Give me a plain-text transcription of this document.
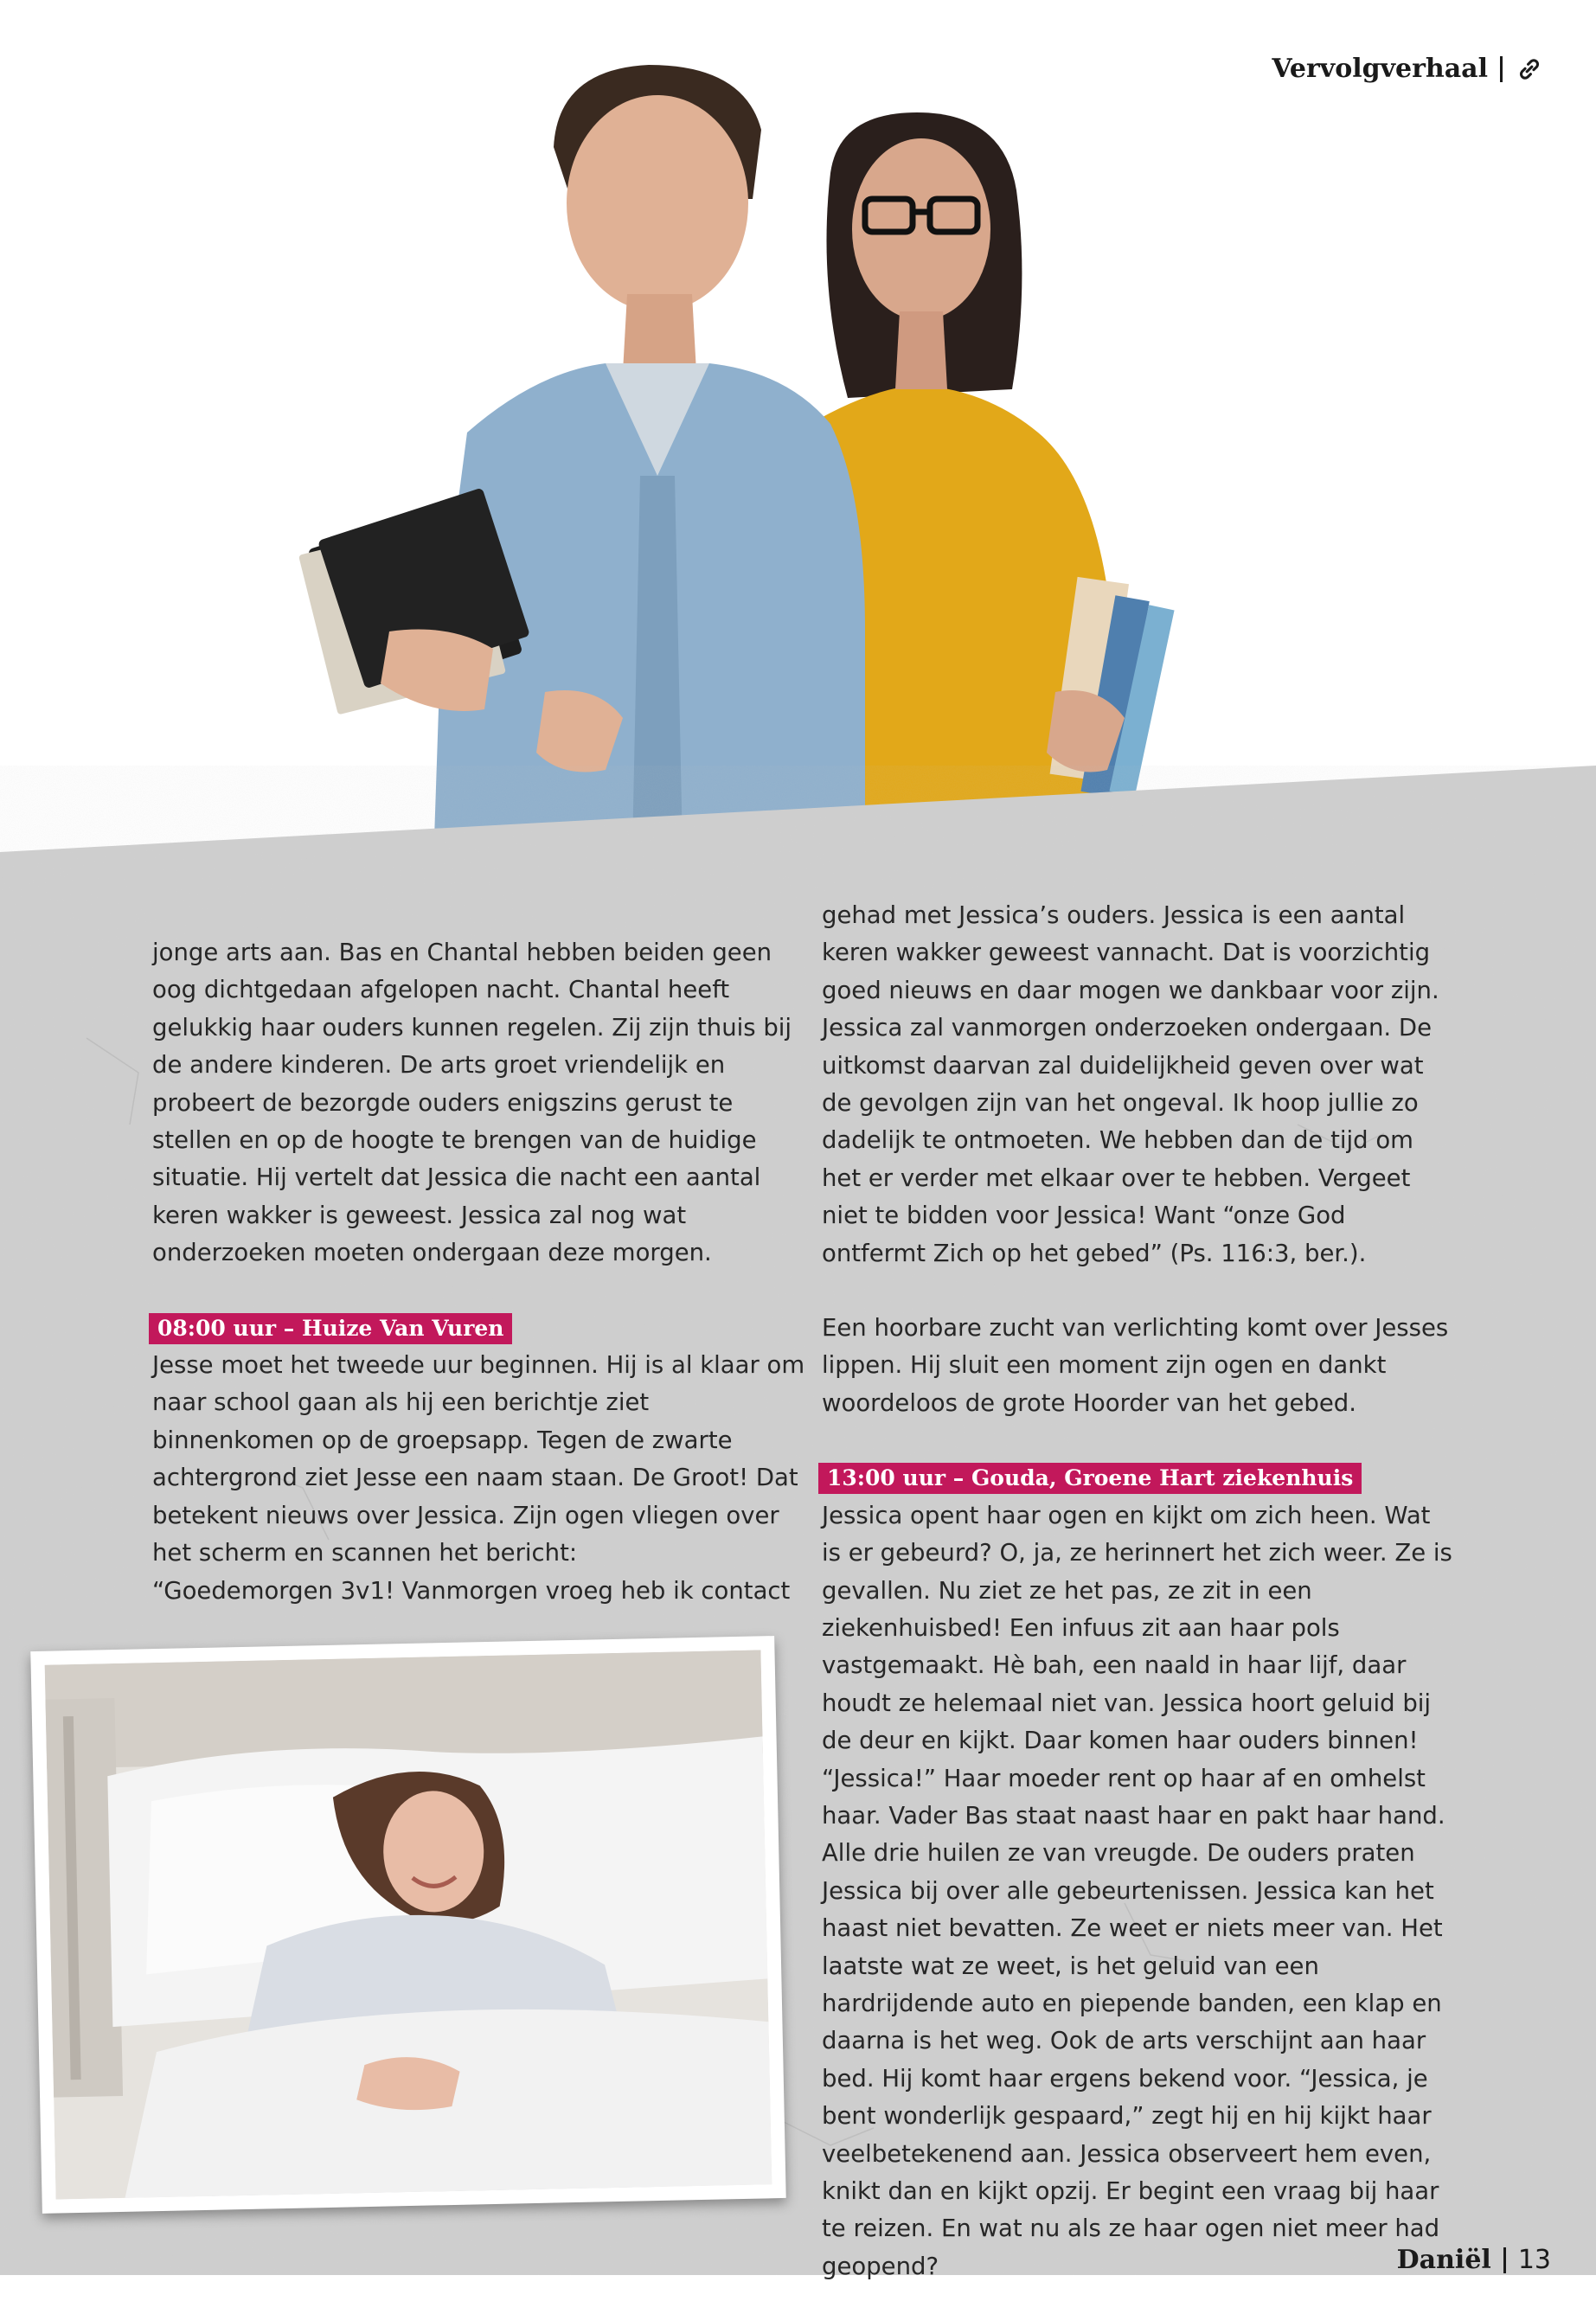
Vervolgverhaal

jonge arts aan. Bas en Chantal hebben beiden geen oog dichtgedaan afgelopen nacht. Chantal heeft gelukkig haar ouders kunnen regelen. Zij zijn thuis bij de andere kinderen. De arts groet vriendelijk en probeert de bezorgde ouders enigszins gerust te stellen en op de hoogte te brengen van de huidige situatie. Hij vertelt dat Jessica die nacht een aantal keren wakker is geweest. Jessica zal nog wat onderzoeken moeten ondergaan deze morgen.

08:00 uur – Huize Van Vuren

Jesse moet het tweede uur beginnen. Hij is al klaar om naar school gaan als hij een berichtje ziet binnenkomen op de groepsapp. Tegen de zwarte achtergrond ziet Jesse een naam staan. De Groot! Dat betekent nieuws over Jessica. Zijn ogen vliegen over het scherm en scannen het bericht:

“Goedemorgen 3v1! Vanmorgen vroeg heb ik contact

gehad met Jessica’s ouders. Jessica is een aantal keren wakker geweest vannacht. Dat is voorzichtig goed nieuws en daar mogen we dankbaar voor zijn. Jessica zal vanmorgen onderzoeken ondergaan. De uitkomst daarvan zal duidelijkheid geven over wat de gevolgen zijn van het ongeval. Ik hoop jullie zo dadelijk te ontmoeten. We hebben dan de tijd om het er verder met elkaar over te hebben. Vergeet niet te bidden voor Jessica! Want “onze God ontfermt Zich op het gebed” (Ps. 116:3, ber.).

Een hoorbare zucht van verlichting komt over Jesses lippen. Hij sluit een moment zijn ogen en dankt woordeloos de grote Hoorder van het gebed.

13:00 uur – Gouda, Groene Hart ziekenhuis

Jessica opent haar ogen en kijkt om zich heen. Wat is er gebeurd? O, ja, ze herinnert het zich weer. Ze is gevallen. Nu ziet ze het pas, ze zit in een ziekenhuisbed! Een infuus zit aan haar pols vastgemaakt. Hè bah, een naald in haar lijf, daar houdt ze helemaal niet van. Jessica hoort geluid bij de deur en kijkt. Daar komen haar ouders binnen! “Jessica!” Haar moeder rent op haar af en omhelst haar. Vader Bas staat naast haar en pakt haar hand. Alle drie huilen ze van vreugde. De ouders praten Jessica bij over alle gebeurtenissen. Jessica kan het haast niet bevatten. Ze weet er niets meer van. Het laatste wat ze weet, is het geluid van een hardrijdende auto en piepende banden, een klap en daarna is het weg. Ook de arts verschijnt aan haar bed. Hij komt haar ergens bekend voor. “Jessica, je bent wonderlijk gespaard,” zegt hij en hij kijkt haar veelbetekenend aan. Jessica observeert hem even, knikt dan en kijkt opzij. Er begint een vraag bij haar te reizen. En wat nu als ze haar ogen niet meer had geopend?	Daniël 13
